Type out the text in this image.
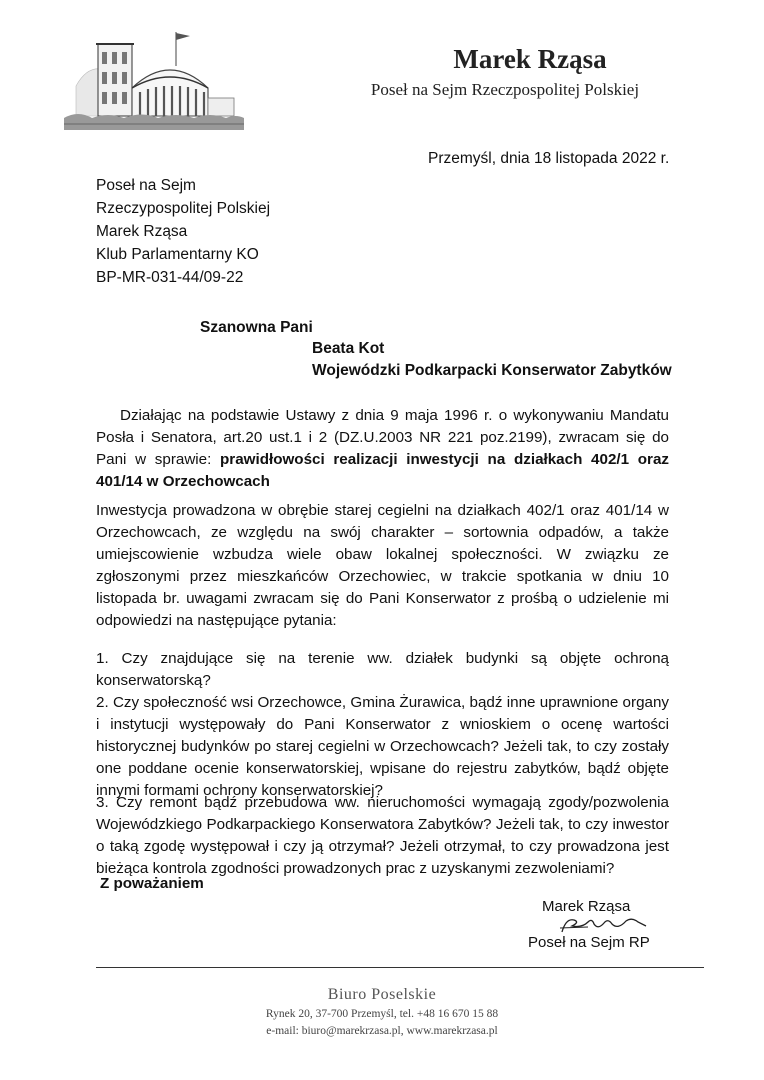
Marek Rząsa
Poseł na Sejm Rzeczpospolitej Polskiej
Przemyśl, dnia 18 listopada 2022 r.
Poseł na Sejm
Rzeczypospolitej Polskiej
Marek Rząsa
Klub Parlamentarny KO
BP-MR-031-44/09-22
Szanowna Pani
Beata Kot
Wojewódzki Podkarpacki Konserwator Zabytków

Działając na podstawie Ustawy z dnia 9 maja 1996 r. o wykonywaniu Mandatu Posła i Senatora, art.20 ust.1 i 2 (DZ.U.2003 NR 221 poz.2199), zwracam się do Pani w sprawie: prawidłowości realizacji inwestycji na działkach 402/1 oraz 401/14 w Orzechowcach

Inwestycja prowadzona w obrębie starej cegielni na działkach 402/1 oraz 401/14 w Orzechowcach, ze względu na swój charakter – sortownia odpadów, a także umiejscowienie wzbudza wiele obaw lokalnej społeczności. W związku ze zgłoszonymi przez mieszkańców Orzechowiec, w trakcie spotkania w dniu 10 listopada br. uwagami zwracam się do Pani Konserwator z prośbą o udzielenie mi odpowiedzi na następujące pytania:

1. Czy znajdujące się na terenie ww. działek budynki są objęte ochroną konserwatorską?

2. Czy społeczność wsi Orzechowce, Gmina Żurawica, bądź inne uprawnione organy i instytucji występowały do Pani Konserwator z wnioskiem o ocenę wartości historycznej budynków po starej cegielni w Orzechowcach? Jeżeli tak, to czy zostały one poddane ocenie konserwatorskiej, wpisane do rejestru zabytków, bądź objęte innymi formami ochrony konserwatorskiej?

3. Czy remont bądź przebudowa ww. nieruchomości wymagają zgody/pozwolenia Wojewódzkiego Podkarpackiego Konserwatora Zabytków? Jeżeli tak, to czy inwestor o taką zgodę występował i czy ją otrzymał? Jeżeli otrzymał, to czy prowadzona jest bieżąca kontrola zgodności prowadzonych prac z uzyskanymi zezwoleniami?

Z poważaniem
Marek Rząsa
Poseł na Sejm RP
Biuro Poselskie
Rynek 20, 37-700 Przemyśl, tel. +48 16 670 15 88
e-mail: biuro@marekrzasa.pl, www.marekrzasa.pl
